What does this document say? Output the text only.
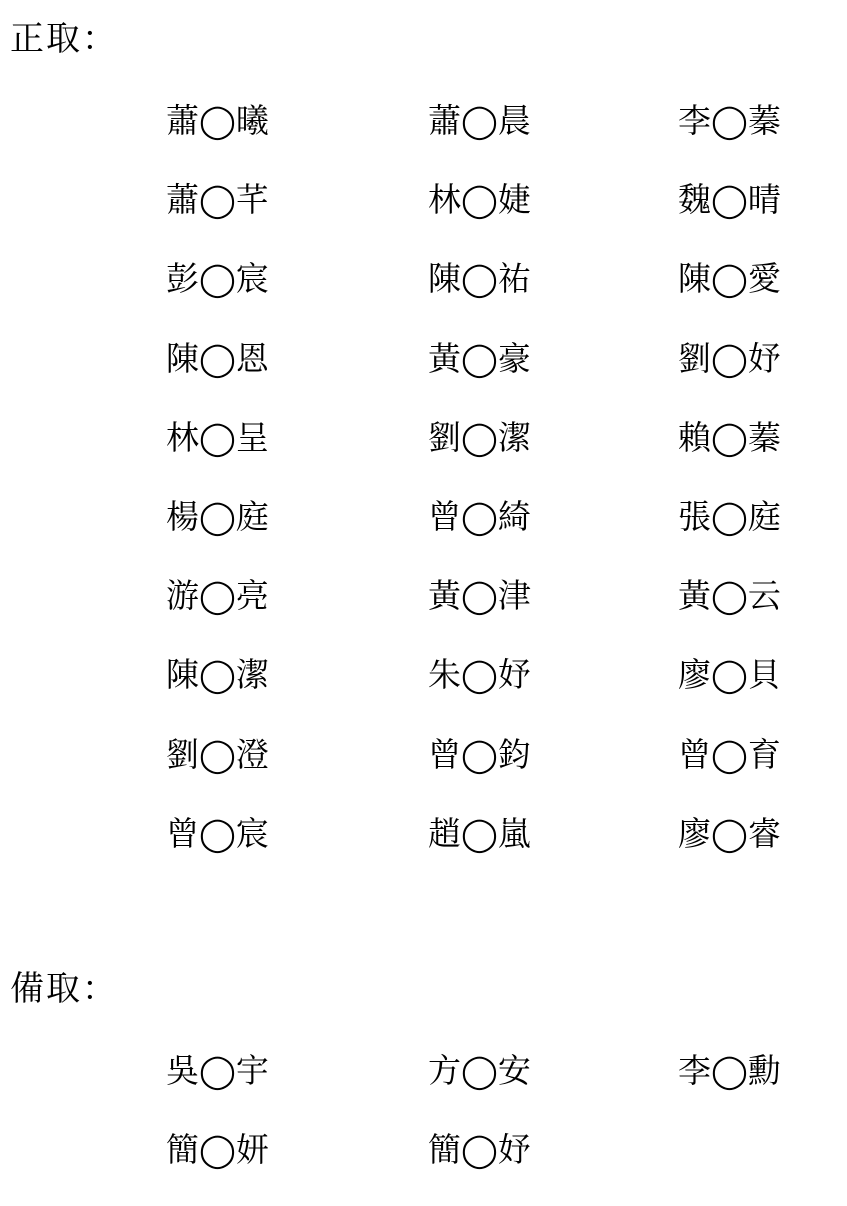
正取：
蕭◯曦	蕭◯晨	李◯蓁
蕭◯芊	林◯婕	魏◯晴
彭◯宸	陳◯祐	陳◯愛
陳◯恩	黃◯豪	劉◯妤
林◯呈	劉◯潔	賴◯蓁
楊◯庭	曾◯綺	張◯庭
游◯亮	黃◯津	黃◯云
陳◯潔	朱◯妤	廖◯貝
劉◯澄	曾◯鈞	曾◯育
曾◯宸	趙◯嵐	廖◯睿
備取：
吳◯宇	方◯安	李◯勳
簡◯妍	簡◯妤
